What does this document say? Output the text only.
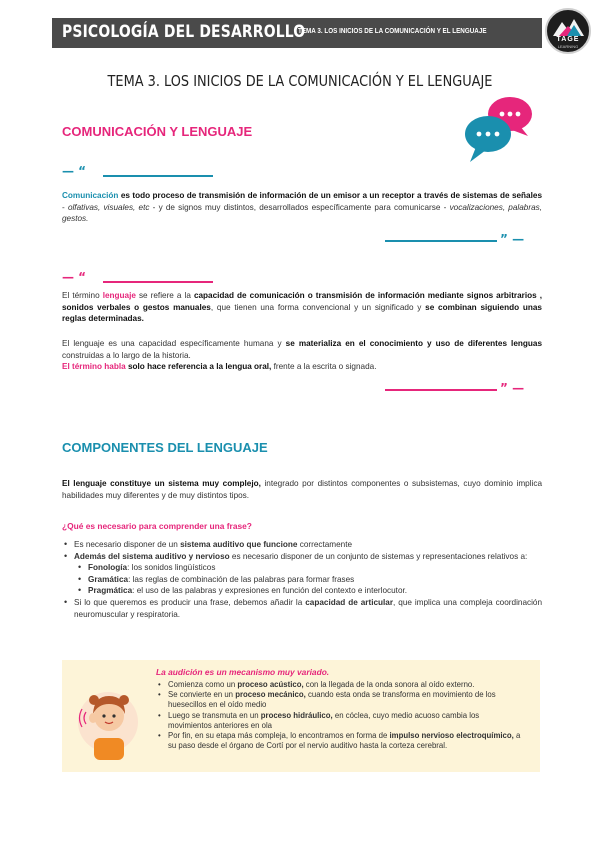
PSICOLOGÍA DEL DESARROLLO
TEMA 3. LOS INICIOS DE LA COMUNICACIÓN Y EL LENGUAJE
TAGE
LEARNING
TEMA 3. LOS INICIOS DE LA COMUNICACIÓN Y EL LENGUAJE
COMUNICACIÓN Y LENGUAJE
— “
Comunicación es todo proceso de transmisión de información de un emisor a un receptor a través de sistemas de señales - olfativas, visuales, etc - y de signos muy distintos, desarrollados específicamente para comunicarse - vocalizaciones, palabras, gestos.
” —
— “
El término lenguaje se refiere a la capacidad de comunicación o transmisión de información mediante signos arbitrarios , sonidos verbales o gestos manuales, que tienen una forma convencional y un significado y se combinan siguiendo unas reglas determinadas.
El lenguaje es una capacidad específicamente humana y se materializa en el conocimiento y uso de diferentes lenguas construidas a lo largo de la historia.
El término habla solo hace referencia a la lengua oral, frente a la escrita o signada.
” —
COMPONENTES DEL LENGUAJE
El lenguaje constituye un sistema muy complejo, integrado por distintos componentes o subsistemas, cuyo dominio implica habilidades muy diferentes y de muy distintos tipos.
¿Qué es necesario para comprender una frase?
• Es necesario disponer de un sistema auditivo que funcione correctamente
• Además del sistema auditivo y nervioso es necesario disponer de un conjunto de sistemas y representaciones relativos a:
• Fonología: los sonidos lingüísticos
• Gramática: las reglas de combinación de las palabras para formar frases
• Pragmática: el uso de las palabras y expresiones en función del contexto e interlocutor.
• Si lo que queremos es producir una frase, debemos añadir la capacidad de articular, que implica una compleja coordinación neuromuscular y respiratoria.
La audición es un mecanismo muy variado.
• Comienza como un proceso acústico, con la llegada de la onda sonora al oído externo.
• Se convierte en un proceso mecánico, cuando esta onda se transforma en movimiento de los huesecillos en el oído medio
• Luego se transmuta en un proceso hidráulico, en cóclea, cuyo medio acuoso cambia los movimientos anteriores en ola
• Por fin, en su etapa más compleja, lo encontramos en forma de impulso nervioso electroquímico, a su paso desde el órgano de Cortí por el nervio auditivo hasta la corteza cerebral.
